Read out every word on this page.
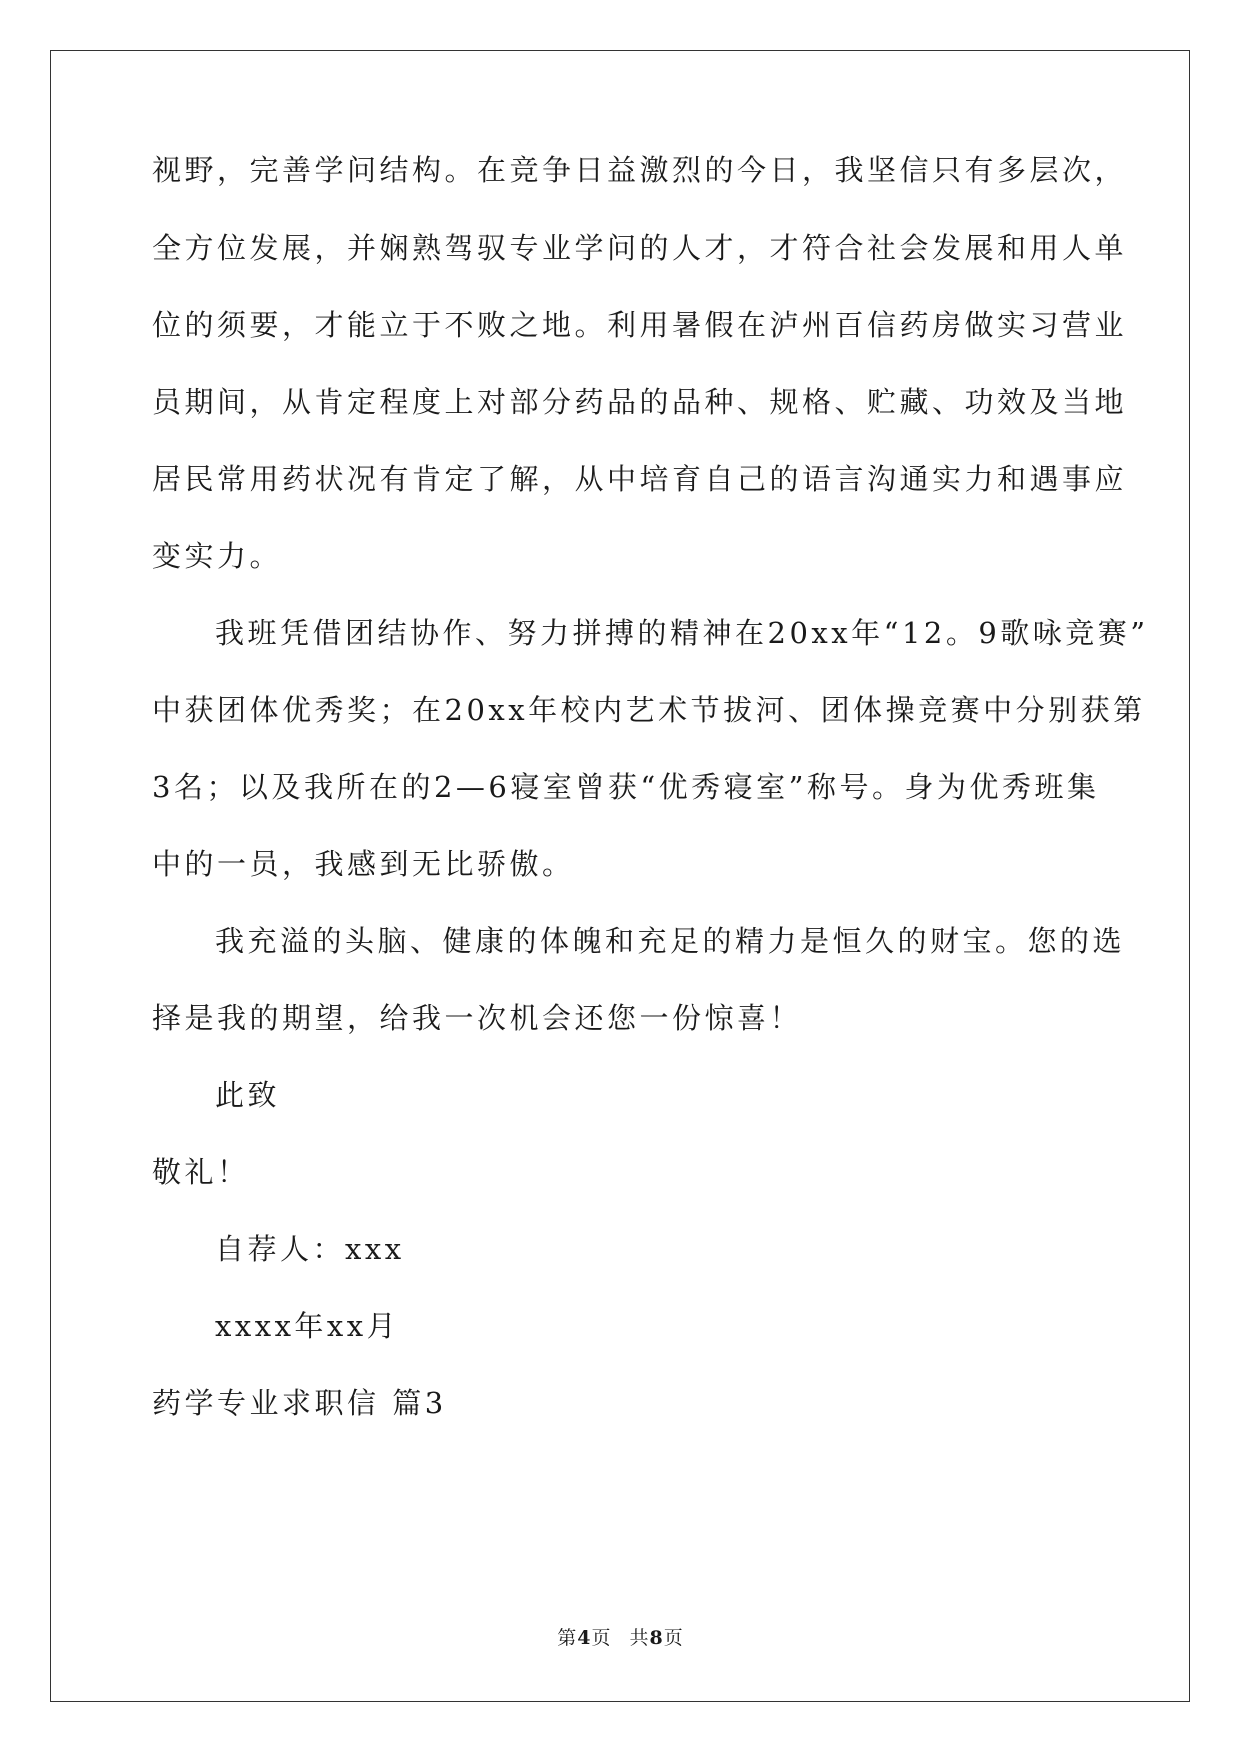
视野，完善学问结构。在竞争日益激烈的今日，我坚信只有多层次，
全方位发展，并娴熟驾驭专业学问的人才，才符合社会发展和用人单
位的须要，才能立于不败之地。利用暑假在泸州百信药房做实习营业
员期间，从肯定程度上对部分药品的品种、规格、贮藏、功效及当地
居民常用药状况有肯定了解，从中培育自己的语言沟通实力和遇事应
变实力。
我班凭借团结协作、努力拼搏的精神在20xx年“12。9歌咏竞赛”
中获团体优秀奖；在20xx年校内艺术节拔河、团体操竞赛中分别获第
3名；以及我所在的2—6寝室曾获“优秀寝室”称号。身为优秀班集
中的一员，我感到无比骄傲。
我充溢的头脑、健康的体魄和充足的精力是恒久的财宝。您的选
择是我的期望，给我一次机会还您一份惊喜！
此致
敬礼！
自荐人：xxx
xxxx年xx月
药学专业求职信 篇3
第4页 共8页
